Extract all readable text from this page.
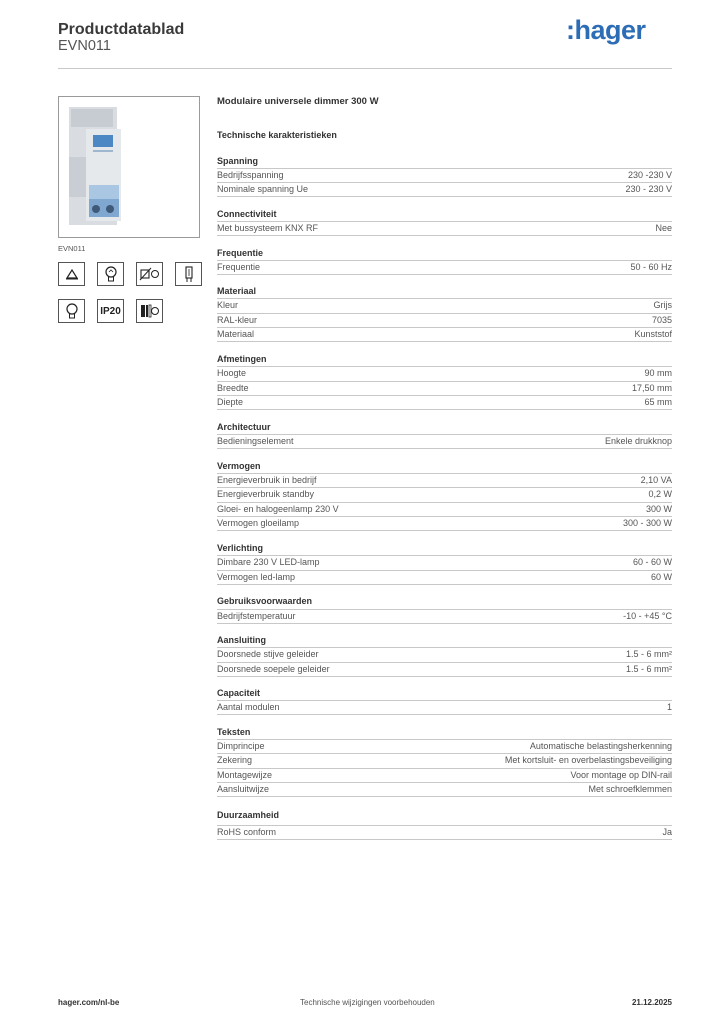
Productdatablad
EVN011
:hager
EVN011
IP20
Modulaire universele dimmer 300 W
Technische karakteristieken
Spanning
Bedrijfsspanning	230 -230 V
Nominale spanning Ue	230 - 230 V
Connectiviteit
Met bussysteem KNX RF	Nee
Frequentie
Frequentie	50 - 60 Hz
Materiaal
Kleur	Grijs
RAL-kleur	7035
Materiaal	Kunststof
Afmetingen
Hoogte	90 mm
Breedte	17,50 mm
Diepte	65 mm
Architectuur
Bedieningselement	Enkele drukknop
Vermogen
Energieverbruik in bedrijf	2,10 VA
Energieverbruik standby	0,2 W
Gloei- en halogeenlamp 230 V	300 W
Vermogen gloeilamp	300 - 300 W
Verlichting
Dimbare 230 V LED-lamp	60 - 60 W
Vermogen led-lamp	60 W
Gebruiksvoorwaarden
Bedrijfstemperatuur	-10 - +45 °C
Aansluiting
Doorsnede stijve geleider	1.5 - 6 mm²
Doorsnede soepele geleider	1.5 - 6 mm²
Capaciteit
Aantal modulen	1
Teksten
Dimprincipe	Automatische belastingsherkenning
Zekering	Met kortsluit- en overbelastingsbeveiliging
Montagewijze	Voor montage op DIN-rail
Aansluitwijze	Met schroefklemmen
Duurzaamheid
RoHS conform	Ja
hager.com/nl-be	Technische wijzigingen voorbehouden	21.12.2025
